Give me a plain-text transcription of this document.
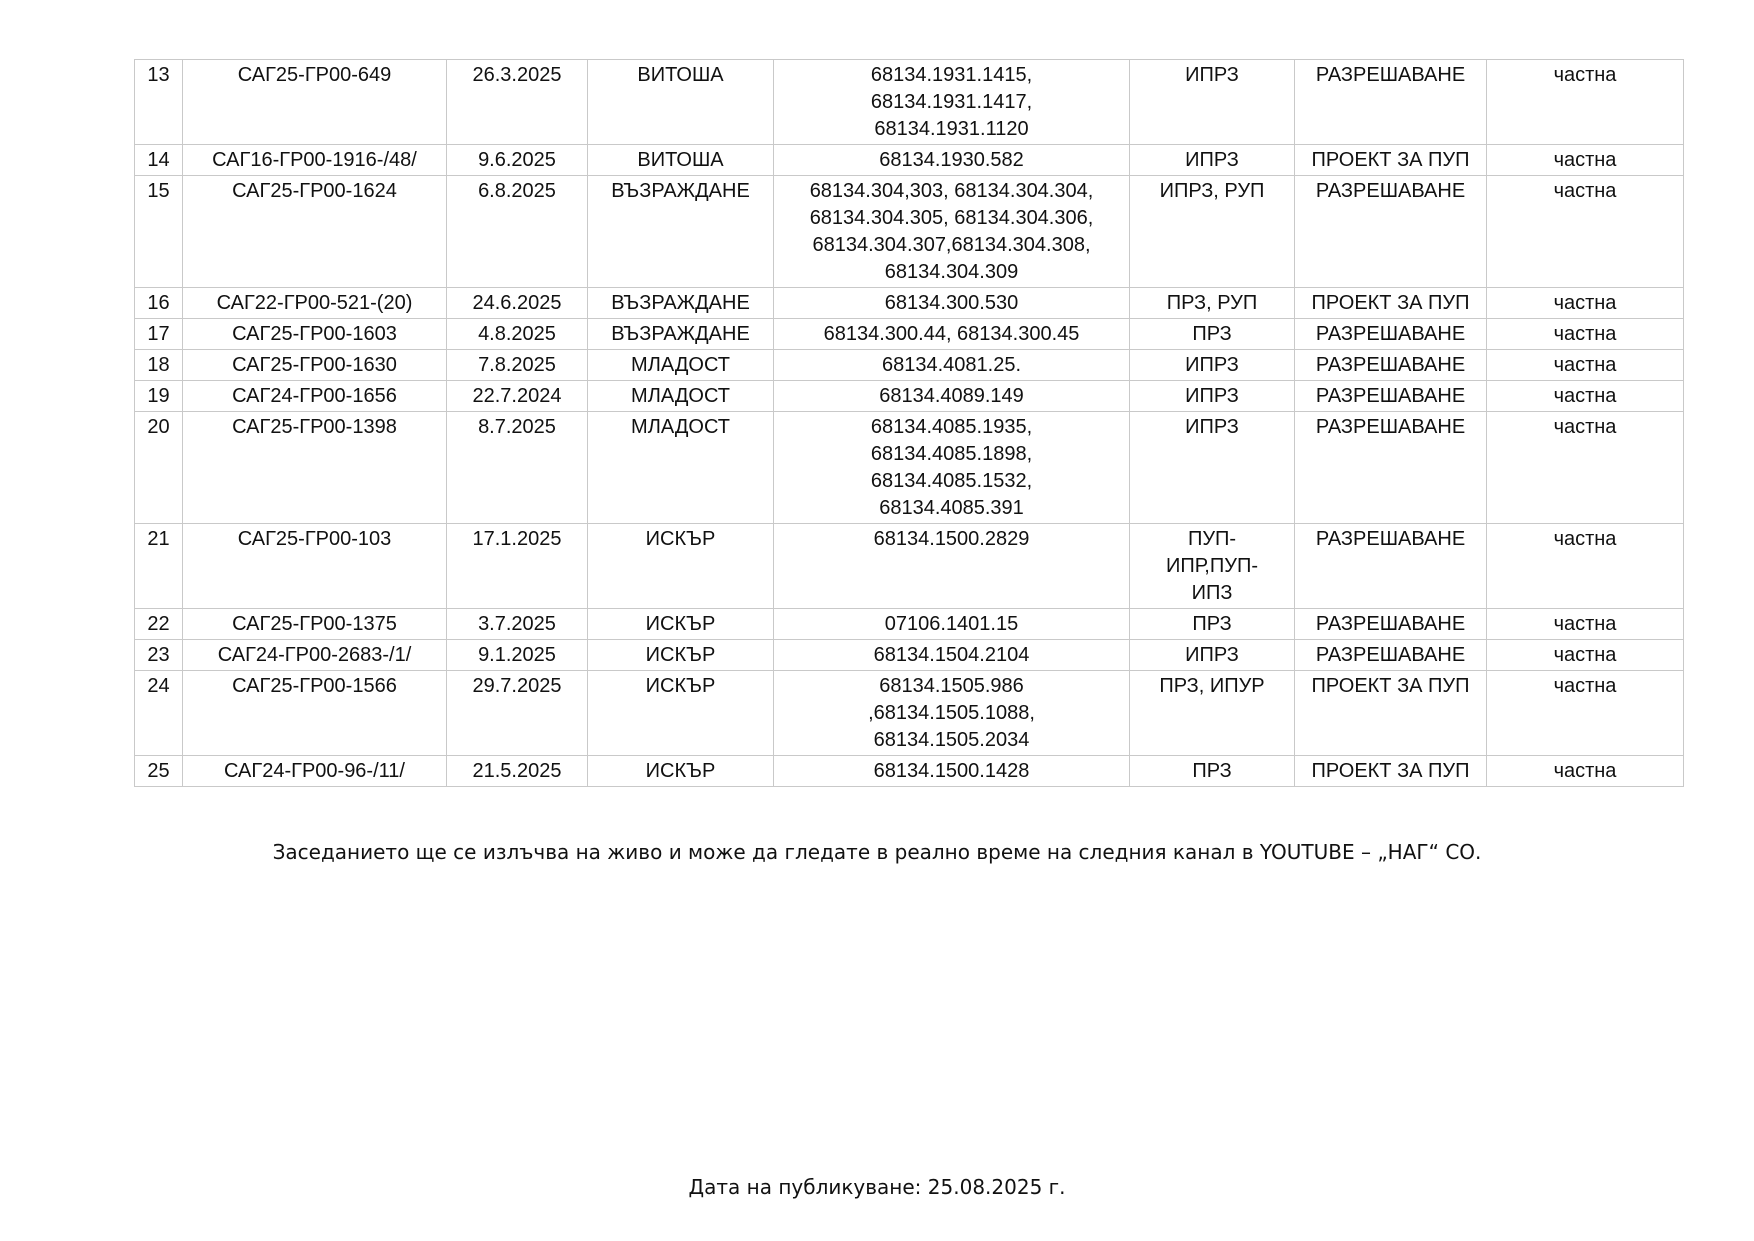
13	САГ25-ГР00-649	26.3.2025	ВИТОША	68134.1931.1415,
68134.1931.1417,
68134.1931.1120	ИПРЗ	РАЗРЕШАВАНЕ	частна
14	САГ16-ГР00-1916-/48/	9.6.2025	ВИТОША	68134.1930.582	ИПРЗ	ПРОЕКТ ЗА ПУП	частна
15	САГ25-ГР00-1624	6.8.2025	ВЪЗРАЖДАНЕ	68134.304,303, 68134.304.304,
68134.304.305, 68134.304.306,
68134.304.307,68134.304.308,
68134.304.309	ИПРЗ, РУП	РАЗРЕШАВАНЕ	частна
16	САГ22-ГР00-521-(20)	24.6.2025	ВЪЗРАЖДАНЕ	68134.300.530	ПРЗ, РУП	ПРОЕКТ ЗА ПУП	частна
17	САГ25-ГР00-1603	4.8.2025	ВЪЗРАЖДАНЕ	68134.300.44, 68134.300.45	ПРЗ	РАЗРЕШАВАНЕ	частна
18	САГ25-ГР00-1630	7.8.2025	МЛАДОСТ	68134.4081.25.	ИПРЗ	РАЗРЕШАВАНЕ	частна
19	САГ24-ГР00-1656	22.7.2024	МЛАДОСТ	68134.4089.149	ИПРЗ	РАЗРЕШАВАНЕ	частна
20	САГ25-ГР00-1398	8.7.2025	МЛАДОСТ	68134.4085.1935,
68134.4085.1898,
68134.4085.1532,
68134.4085.391	ИПРЗ	РАЗРЕШАВАНЕ	частна
21	САГ25-ГР00-103	17.1.2025	ИСКЪР	68134.1500.2829	ПУП-
ИПР,ПУП-
ИПЗ	РАЗРЕШАВАНЕ	частна
22	САГ25-ГР00-1375	3.7.2025	ИСКЪР	07106.1401.15	ПРЗ	РАЗРЕШАВАНЕ	частна
23	САГ24-ГР00-2683-/1/	9.1.2025	ИСКЪР	68134.1504.2104	ИПРЗ	РАЗРЕШАВАНЕ	частна
24	САГ25-ГР00-1566	29.7.2025	ИСКЪР	68134.1505.986
,68134.1505.1088,
68134.1505.2034	ПРЗ, ИПУР	ПРОЕКТ ЗА ПУП	частна
25	САГ24-ГР00-96-/11/	21.5.2025	ИСКЪР	68134.1500.1428	ПРЗ	ПРОЕКТ ЗА ПУП	частна
Заседанието ще се излъчва на живо и може да гледате в реално време на следния канал в YOUTUBE – „НАГ“ СО.
Дата на публикуване: 25.08.2025 г.
